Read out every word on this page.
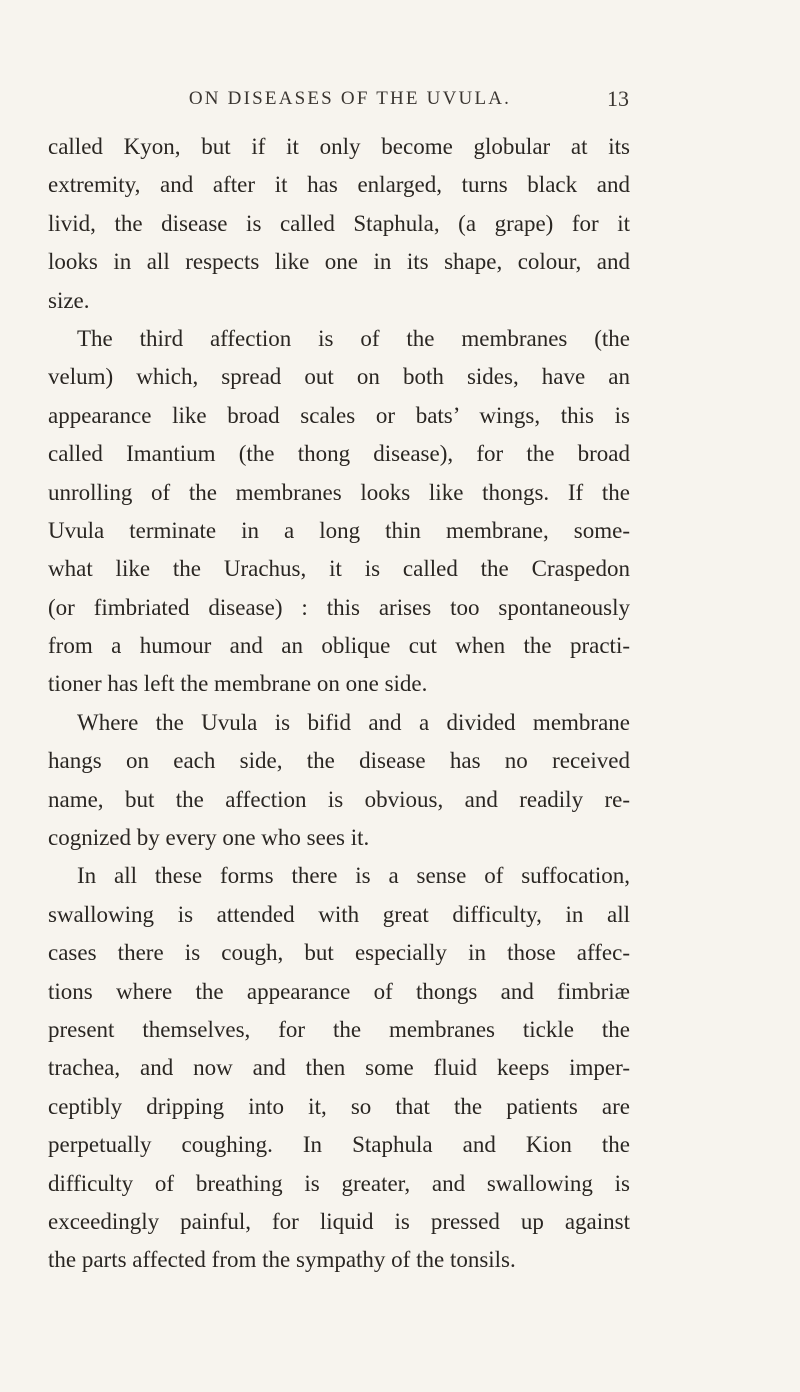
ON DISEASES OF THE UVULA.	13
called Kyon, but if it only become globular at its
extremity, and after it has enlarged, turns black and
livid, the disease is called Staphula, (a grape) for it
looks in all respects like one in its shape, colour, and
size.
The third affection is of the membranes (the
velum) which, spread out on both sides, have an
appearance like broad scales or bats’ wings, this is
called Imantium (the thong disease), for the broad
unrolling of the membranes looks like thongs. If the
Uvula terminate in a long thin membrane, some-
what like the Urachus, it is called the Craspedon
(or fimbriated disease) : this arises too spontaneously
from a humour and an oblique cut when the practi-
tioner has left the membrane on one side.
Where the Uvula is bifid and a divided membrane
hangs on each side, the disease has no received
name, but the affection is obvious, and readily re-
cognized by every one who sees it.
In all these forms there is a sense of suffocation,
swallowing is attended with great difficulty, in all
cases there is cough, but especially in those affec-
tions where the appearance of thongs and fimbriæ
present themselves, for the membranes tickle the
trachea, and now and then some fluid keeps imper-
ceptibly dripping into it, so that the patients are
perpetually coughing. In Staphula and Kion the
difficulty of breathing is greater, and swallowing is
exceedingly painful, for liquid is pressed up against
the parts affected from the sympathy of the tonsils.
